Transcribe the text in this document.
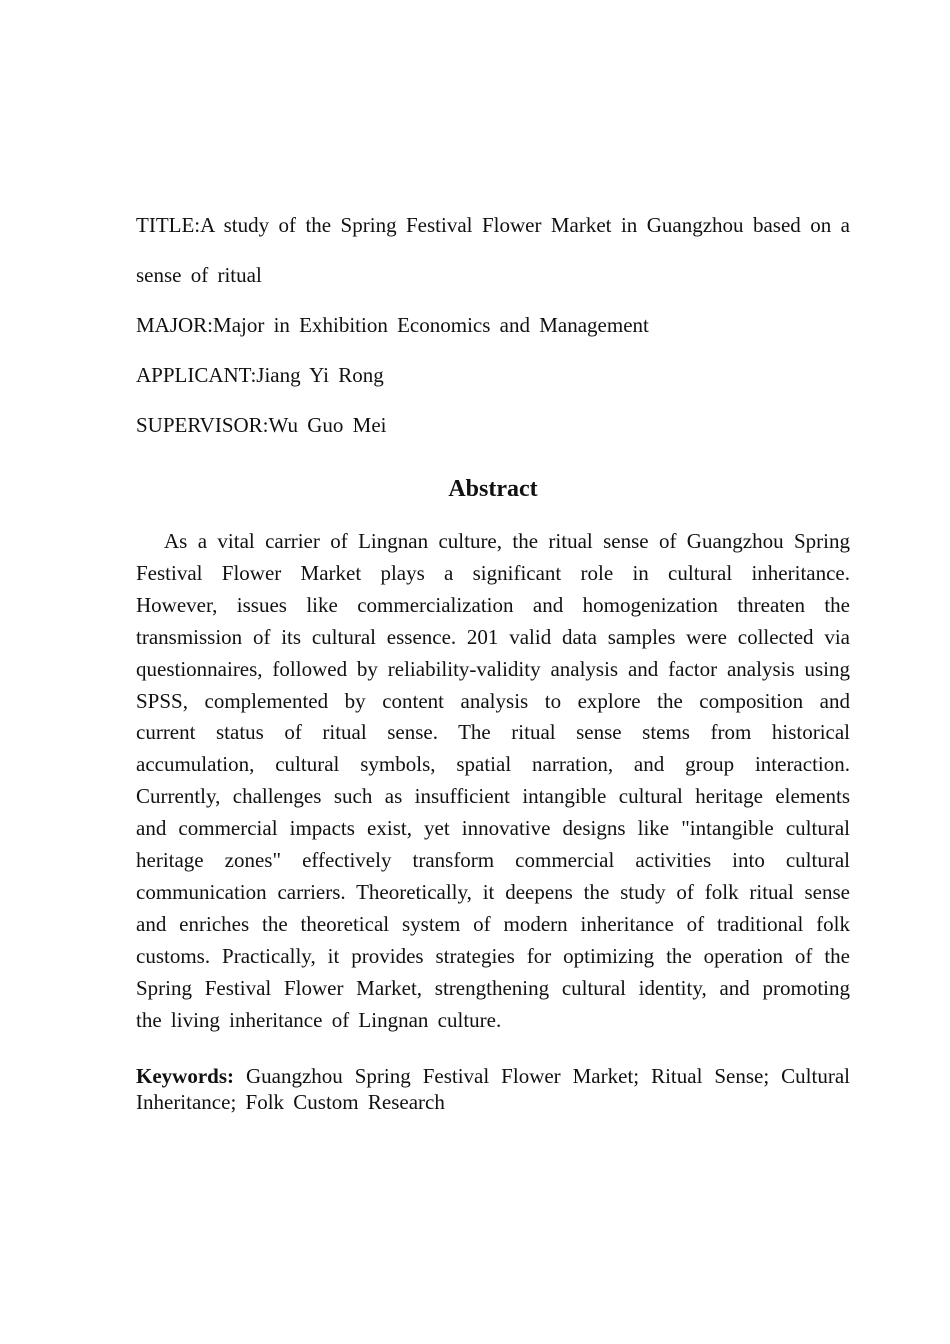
TITLE:A study of the Spring Festival Flower Market in Guangzhou based on a sense of ritual
MAJOR:Major in Exhibition Economics and Management
APPLICANT:Jiang Yi Rong
SUPERVISOR:Wu Guo Mei
Abstract
As a vital carrier of Lingnan culture, the ritual sense of Guangzhou Spring Festival Flower Market plays a significant role in cultural inheritance. However, issues like commercialization and homogenization threaten the transmission of its cultural essence. 201 valid data samples were collected via questionnaires, followed by reliability-validity analysis and factor analysis using SPSS, complemented by content analysis to explore the composition and current status of ritual sense. The ritual sense stems from historical accumulation, cultural symbols, spatial narration, and group interaction. Currently, challenges such as insufficient intangible cultural heritage elements and commercial impacts exist, yet innovative designs like "intangible cultural heritage zones" effectively transform commercial activities into cultural communication carriers. Theoretically, it deepens the study of folk ritual sense and enriches the theoretical system of modern inheritance of traditional folk customs. Practically, it provides strategies for optimizing the operation of the Spring Festival Flower Market, strengthening cultural identity, and promoting the living inheritance of Lingnan culture.
Keywords: Guangzhou Spring Festival Flower Market; Ritual Sense; Cultural Inheritance; Folk Custom Research
